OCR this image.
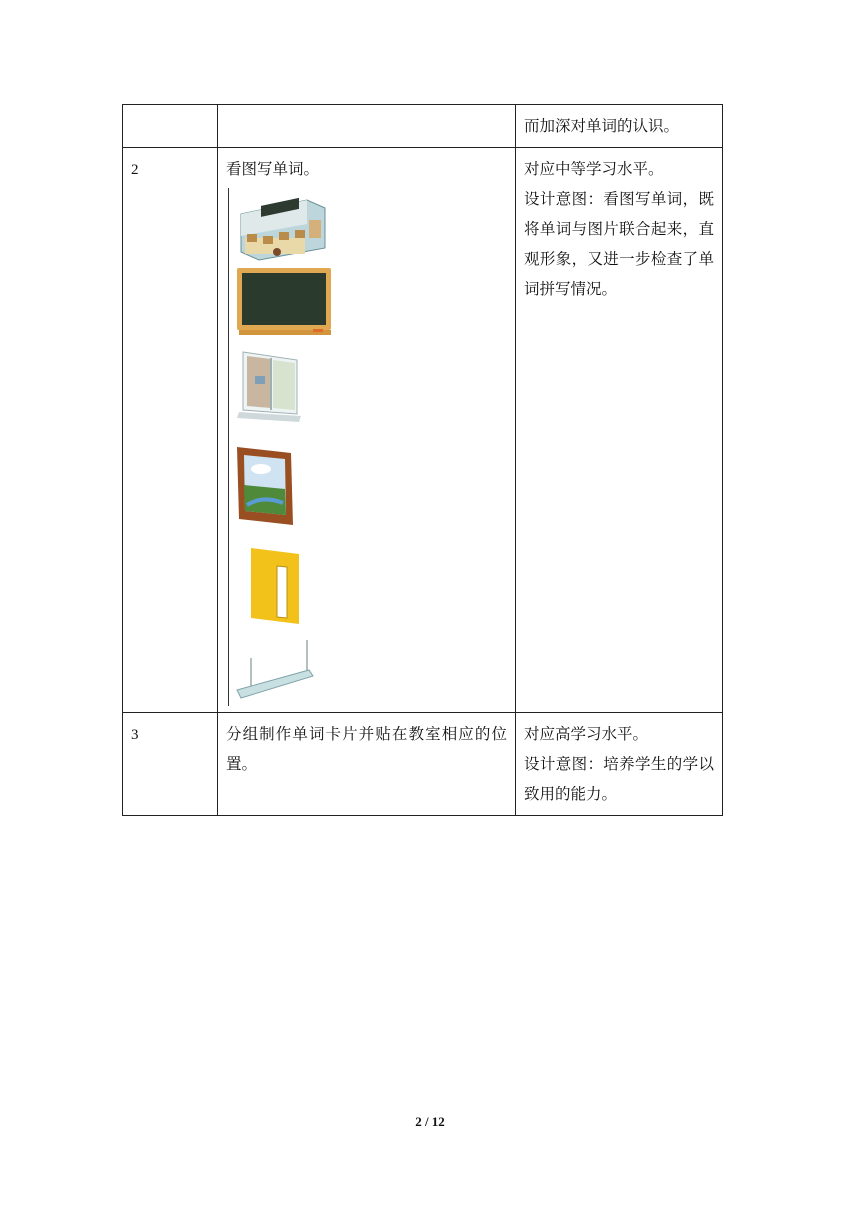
		而加深对单词的认识。

2	看图写单词。	对应中等学习水平。
设计意图：看图写单词，既将单词与图片联合起来，直观形象，又进一步检查了单词拼写情况。

3	分组制作单词卡片并贴在教室相应的位置。	对应高学习水平。
设计意图：培养学生的学以致用的能力。
2 / 12
